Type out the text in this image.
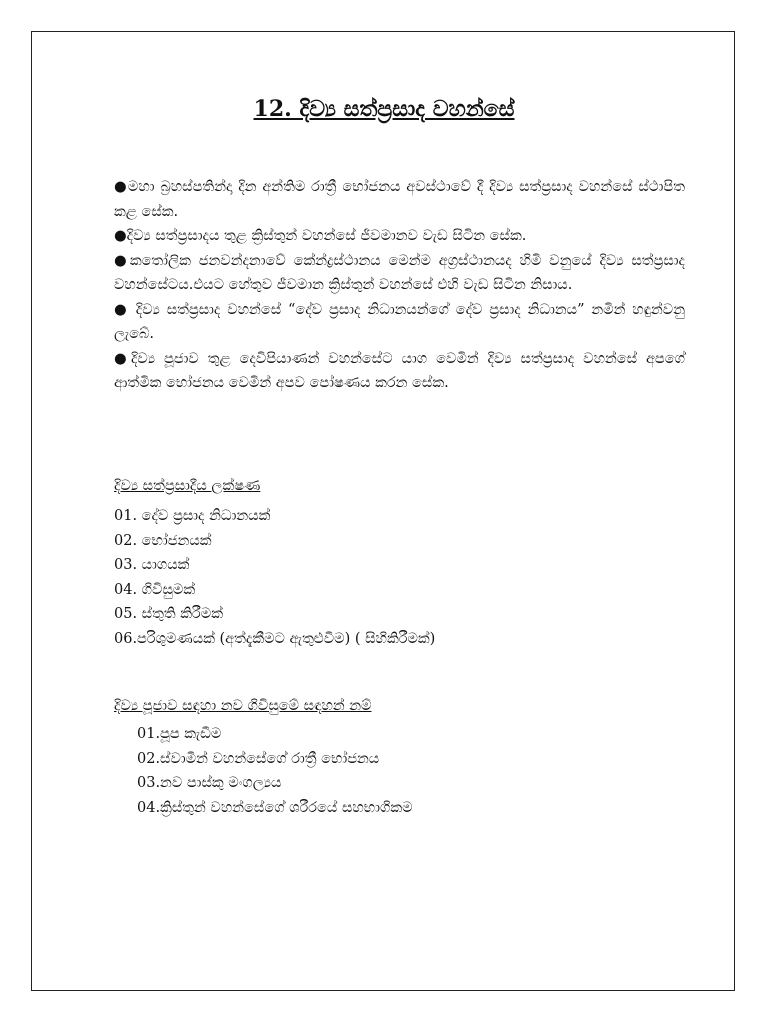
12. දිව්‍ය සත්ප්‍රසාද වහන්සේ
●මහා බ්‍රහස්පතින්දා දින අන්තිම රාත්‍රී භෝජනය අවස්ථාවේ දී දිව්‍ය සත්ප්‍රසාද වහන්සේ ස්ථාපිත කළ සේක.
●දිව්‍ය සත්ප්‍රසාදය තුළ ක්‍රිස්තුන් වහන්සේ ජීවමානව වැඩ සිටින සේක.
●කතෝලික ජනවන්දනාවේ කේන්ද්‍රස්ථානය මෙන්ම අග්‍රස්ථානයද හිමි වනුයේ දිව්‍ය සත්ප්‍රසාද වහන්සේටය.එයට හේතුව ජීවමාන ක්‍රිස්තුන් වහන්සේ එහි වැඩ සිටින නිසාය.
● දිව්‍ය සත්ප්‍රසාද වහන්සේ “දේව ප්‍රසාද නිධානයන්ගේ දේව ප්‍රසාද නිධානය” නමින් හඳුන්වනු ලැබේ.
●දිව්‍ය පූජාව තුළ දෙවිපියාණන් වහන්සේට යාග වෙමින් දිව්‍ය සත්ප්‍රසාද වහන්සේ අපගේ ආත්මික භෝජනය වෙමින් අපව පෝෂණය කරන සේක.

දිව්‍ය සත්ප්‍රසාදීය ලක්ෂණ

01. දේව ප්‍රසාද නිධානයක්
02. භෝජනයක්
03. යාගයක්
04. ගිවිසුමක්
05. ස්තුති කිරීමක්
06.පරිශුමණයක් (අත්දැකීමට ඇතුළුවීම) ( සිහිකිරීමක්)

දිව්‍ය පූජාව සඳහා නව ගිවිසුමේ සඳහන් නම්

01.පූප කැඩීම
02.ස්වාමීන් වහන්සේගේ රාත්‍රී භෝජනය
03.නව පාස්කු මංගල්‍යය
04.ක්‍රිස්තුන් වහන්සේගේ ශරීරයේ සහභාගිකම
